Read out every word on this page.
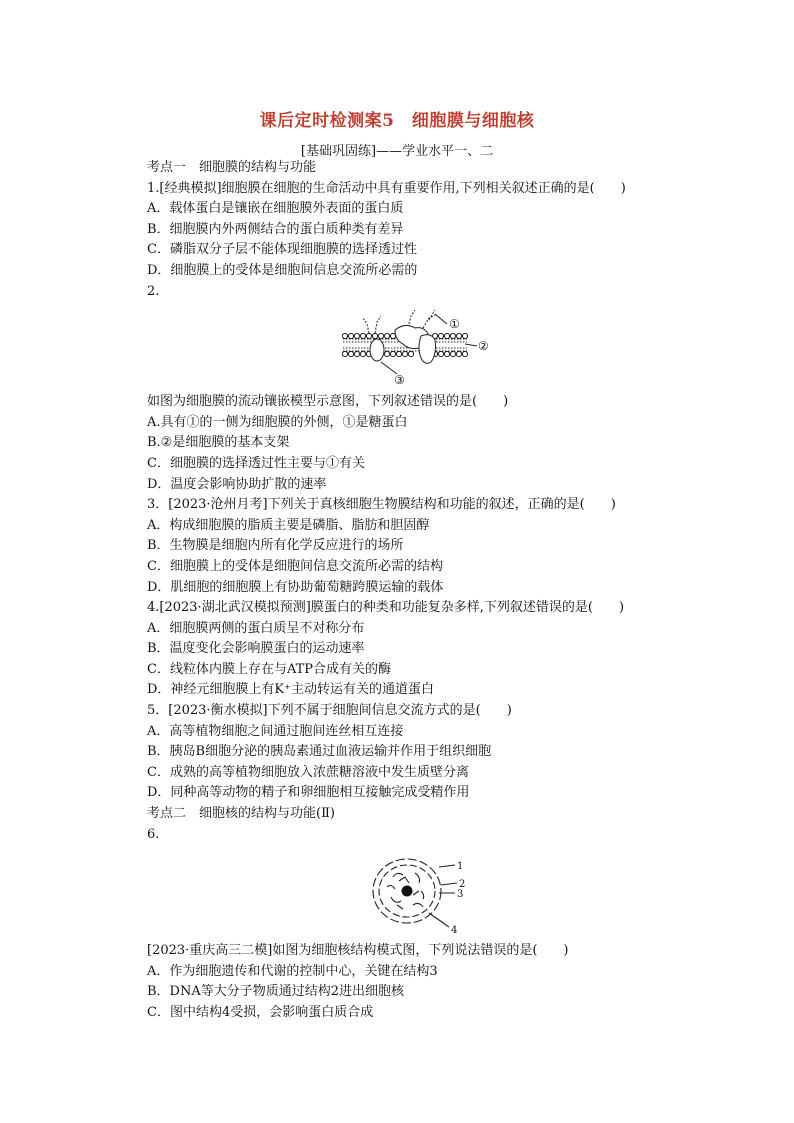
课后定时检测案5　细胞膜与细胞核
[基础巩固练]——学业水平一、二
考点一　细胞膜的结构与功能
1.[经典模拟]细胞膜在细胞的生命活动中具有重要作用,下列相关叙述正确的是(　　)
A．载体蛋白是镶嵌在细胞膜外表面的蛋白质
B．细胞膜内外两侧结合的蛋白质种类有差异
C．磷脂双分子层不能体现细胞膜的选择透过性
D．细胞膜上的受体是细胞间信息交流所必需的
2.
①
②
③
如图为细胞膜的流动镶嵌模型示意图，下列叙述错误的是(　　)
A.具有①的一侧为细胞膜的外侧，①是糖蛋白
B.②是细胞膜的基本支架
C．细胞膜的选择透过性主要与①有关
D．温度会影响协助扩散的速率
3．[2023·沧州月考]下列关于真核细胞生物膜结构和功能的叙述，正确的是(　　)
A．构成细胞膜的脂质主要是磷脂、脂肪和胆固醇
B．生物膜是细胞内所有化学反应进行的场所
C．细胞膜上的受体是细胞间信息交流所必需的结构
D．肌细胞的细胞膜上有协助葡萄糖跨膜运输的载体
4.[2023·湖北武汉模拟预测]膜蛋白的种类和功能复杂多样,下列叙述错误的是(　　)
A．细胞膜两侧的蛋白质呈不对称分布
B．温度变化会影响膜蛋白的运动速率
C．线粒体内膜上存在与ATP合成有关的酶
D．神经元细胞膜上有K⁺主动转运有关的通道蛋白
5．[2023·衡水模拟]下列不属于细胞间信息交流方式的是(　　)
A．高等植物细胞之间通过胞间连丝相互连接
B．胰岛B细胞分泌的胰岛素通过血液运输并作用于组织细胞
C．成熟的高等植物细胞放入浓蔗糖溶液中发生质壁分离
D．同种高等动物的精子和卵细胞相互接触完成受精作用
考点二　细胞核的结构与功能(Ⅱ)
6.
1
2
3
4
[2023·重庆高三二模]如图为细胞核结构模式图，下列说法错误的是(　　)
A．作为细胞遗传和代谢的控制中心，关键在结构3
B．DNA等大分子物质通过结构2进出细胞核
C．图中结构4受损，会影响蛋白质合成
